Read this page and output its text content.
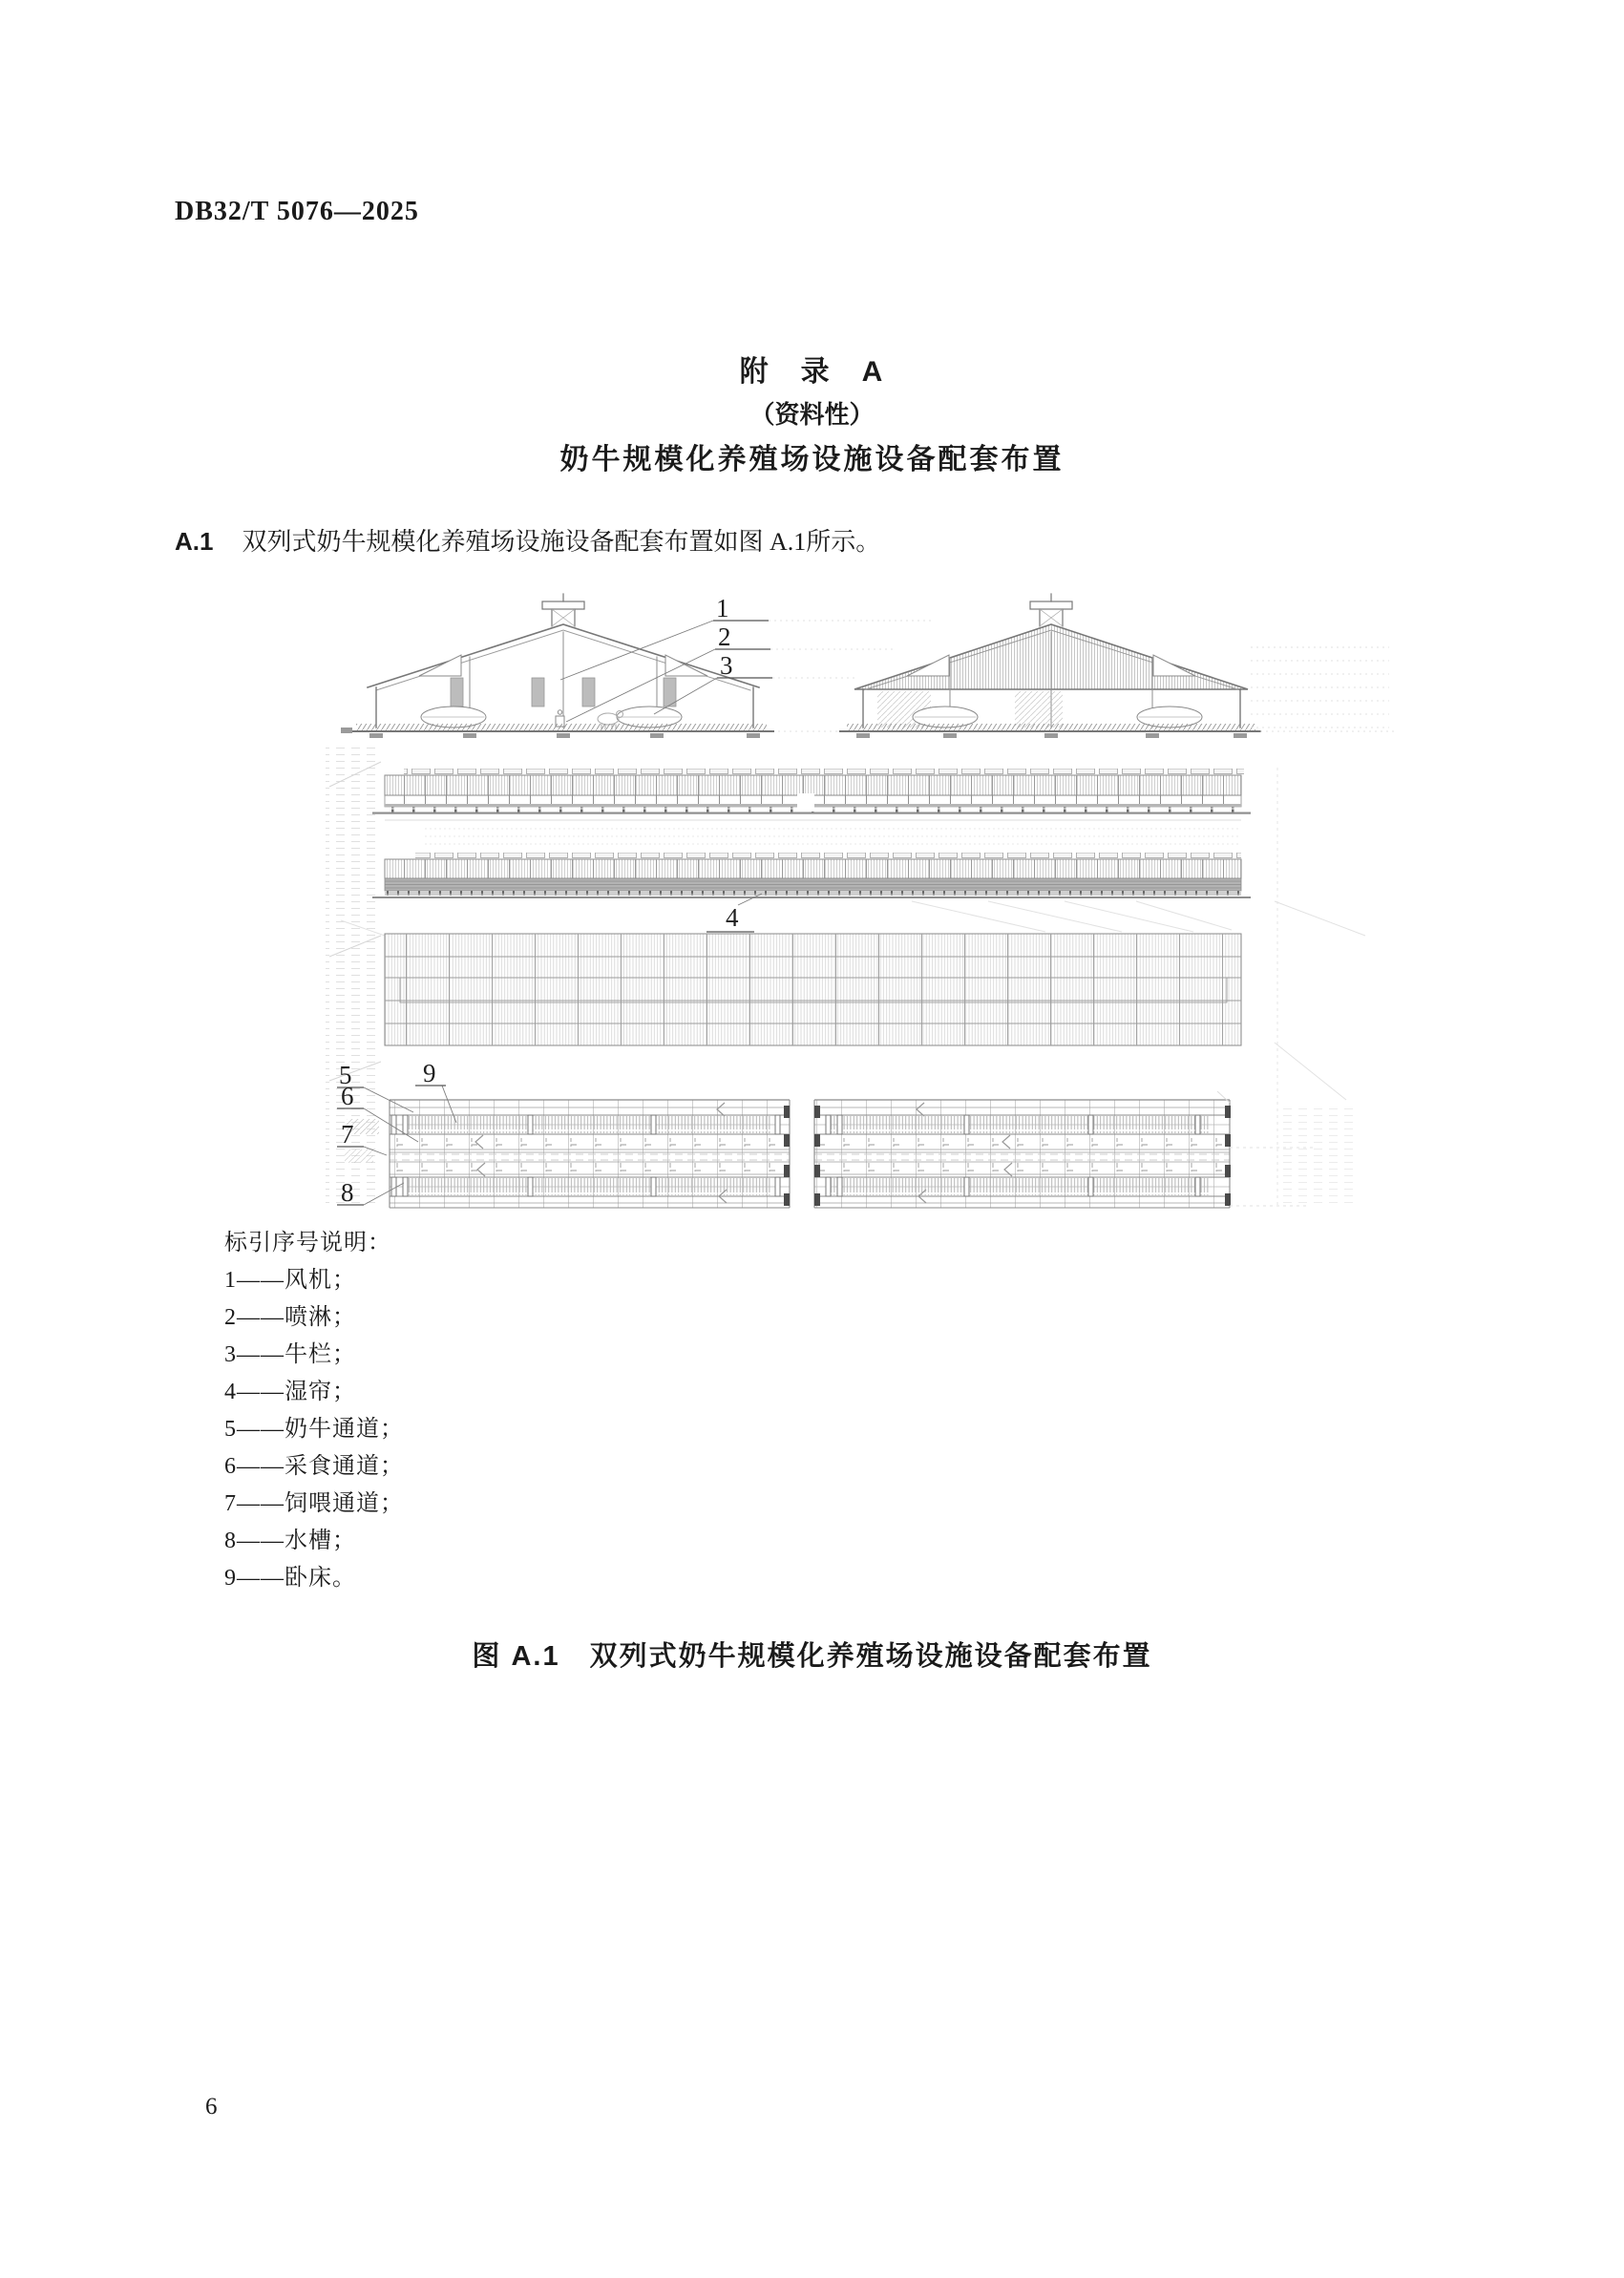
DB32/T 5076—2025
附　录　A
（资料性）
奶牛规模化养殖场设施设备配套布置
A.1 双列式奶牛规模化养殖场设施设备配套布置如图 A.1所示。
1
2
3
4
5	9
6
7
8
标引序号说明：
1——风机；
2——喷淋；
3——牛栏；
4——湿帘；
5——奶牛通道；
6——采食通道；
7——饲喂通道；
8——水槽；
9——卧床。
图 A.1　双列式奶牛规模化养殖场设施设备配套布置
6
